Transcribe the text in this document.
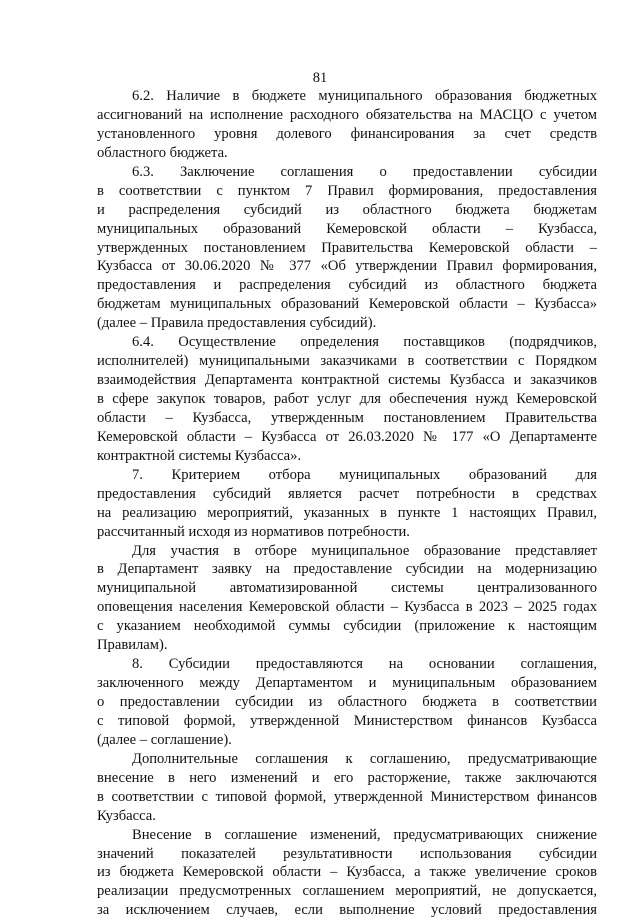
81
6.2. Наличие в бюджете муниципального образования бюджетных
ассигнований на исполнение расходного обязательства на МАСЦО с учетом
установленного уровня долевого финансирования за счет средств
областного бюджета.
6.3. Заключение соглашения о предоставлении субсидии
в соответствии с пунктом 7 Правил формирования, предоставления
и распределения субсидий из областного бюджета бюджетам
муниципальных образований Кемеровской области – Кузбасса,
утвержденных постановлением Правительства Кемеровской области –
Кузбасса от 30.06.2020 № 377 «Об утверждении Правил формирования,
предоставления и распределения субсидий из областного бюджета
бюджетам муниципальных образований Кемеровской области – Кузбасса»
(далее – Правила предоставления субсидий).
6.4. Осуществление определения поставщиков (подрядчиков,
исполнителей) муниципальными заказчиками в соответствии с Порядком
взаимодействия Департамента контрактной системы Кузбасса и заказчиков
в сфере закупок товаров, работ услуг для обеспечения нужд Кемеровской
области – Кузбасса, утвержденным постановлением Правительства
Кемеровской области – Кузбасса от 26.03.2020 № 177 «О Департаменте
контрактной системы Кузбасса».
7. Критерием отбора муниципальных образований для
предоставления субсидий является расчет потребности в средствах
на реализацию мероприятий, указанных в пункте 1 настоящих Правил,
рассчитанный исходя из нормативов потребности.
Для участия в отборе муниципальное образование представляет
в Департамент заявку на предоставление субсидии на модернизацию
муниципальной автоматизированной системы централизованного
оповещения населения Кемеровской области – Кузбасса в 2023 – 2025 годах
с указанием необходимой суммы субсидии (приложение к настоящим
Правилам).
8. Субсидии предоставляются на основании соглашения,
заключенного между Департаментом и муниципальным образованием
о предоставлении субсидии из областного бюджета в соответствии
с типовой формой, утвержденной Министерством финансов Кузбасса
(далее – соглашение).
Дополнительные соглашения к соглашению, предусматривающие
внесение в него изменений и его расторжение, также заключаются
в соответствии с типовой формой, утвержденной Министерством финансов
Кузбасса.
Внесение в соглашение изменений, предусматривающих снижение
значений показателей результативности использования субсидии
из бюджета Кемеровской области – Кузбасса, а также увеличение сроков
реализации предусмотренных соглашением мероприятий, не допускается,
за исключением случаев, если выполнение условий предоставления
